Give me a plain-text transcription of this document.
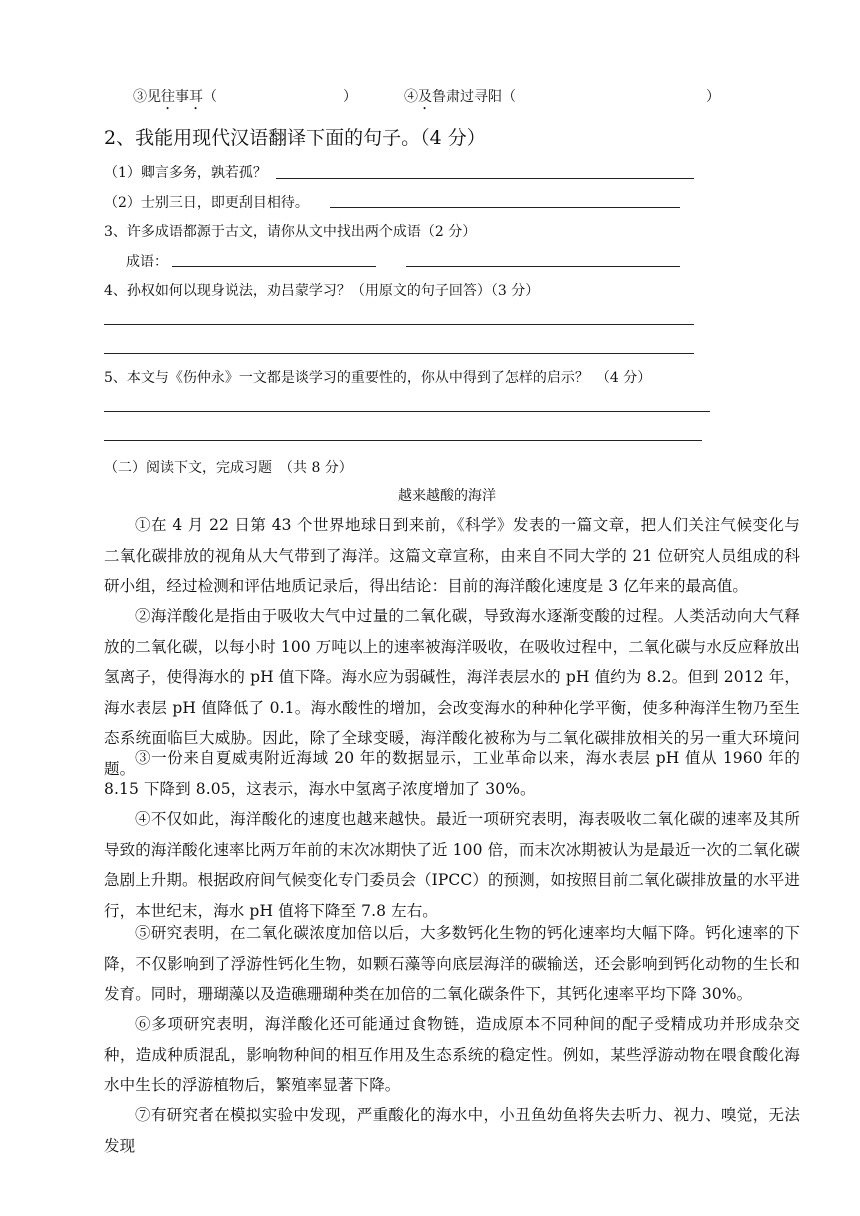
③见往事耳（	）	④及鲁肃过寻阳（	）
2、我能用现代汉语翻译下面的句子。（4 分）
（1）卿言多务，孰若孤？
（2）士别三日，即更刮目相待。
3、许多成语都源于古文，请你从文中找出两个成语（2 分）
成语：
4、孙权如何以现身说法，劝吕蒙学习？（用原文的句子回答）（3 分）
5、本文与《伤仲永》一文都是谈学习的重要性的，你从中得到了怎样的启示？　（4 分）
（二）阅读下文，完成习题　（共 8 分）
越来越酸的海洋
①在 4 月 22 日第 43 个世界地球日到来前，《科学》发表的一篇文章，把人们关注气候变化与二氧化碳排放的视角从大气带到了海洋。这篇文章宣称，由来自不同大学的 21 位研究人员组成的科研小组，经过检测和评估地质记录后，得出结论：目前的海洋酸化速度是 3 亿年来的最高值。
②海洋酸化是指由于吸收大气中过量的二氧化碳，导致海水逐渐变酸的过程。人类活动向大气释放的二氧化碳，以每小时 100 万吨以上的速率被海洋吸收，在吸收过程中，二氧化碳与水反应释放出氢离子，使得海水的 pH 值下降。海水应为弱碱性，海洋表层水的 pH 值约为 8.2。但到 2012 年，海水表层 pH 值降低了 0.1。海水酸性的增加，会改变海水的种种化学平衡，使多种海洋生物乃至生态系统面临巨大威胁。因此，除了全球变暖，海洋酸化被称为与二氧化碳排放相关的另一重大环境问题。
③一份来自夏威夷附近海域 20 年的数据显示，工业革命以来，海水表层 pH 值从 1960 年的 8.15 下降到 8.05，这表示，海水中氢离子浓度增加了 30%。
④不仅如此，海洋酸化的速度也越来越快。最近一项研究表明，海表吸收二氧化碳的速率及其所导致的海洋酸化速率比两万年前的末次冰期快了近 100 倍，而末次冰期被认为是最近一次的二氧化碳急剧上升期。根据政府间气候变化专门委员会（IPCC）的预测，如按照目前二氧化碳排放量的水平进行，本世纪末，海水 pH 值将下降至 7.8 左右。
⑤研究表明，在二氧化碳浓度加倍以后，大多数钙化生物的钙化速率均大幅下降。钙化速率的下降，不仅影响到了浮游性钙化生物，如颗石藻等向底层海洋的碳输送，还会影响到钙化动物的生长和发育。同时，珊瑚藻以及造礁珊瑚种类在加倍的二氧化碳条件下，其钙化速率平均下降 30%。
⑥多项研究表明，海洋酸化还可能通过食物链，造成原本不同种间的配子受精成功并形成杂交种，造成种质混乱，影响物种间的相互作用及生态系统的稳定性。例如，某些浮游动物在喂食酸化海水中生长的浮游植物后，繁殖率显著下降。
⑦有研究者在模拟实验中发现，严重酸化的海水中，小丑鱼幼鱼将失去听力、视力、嗅觉，无法发现
